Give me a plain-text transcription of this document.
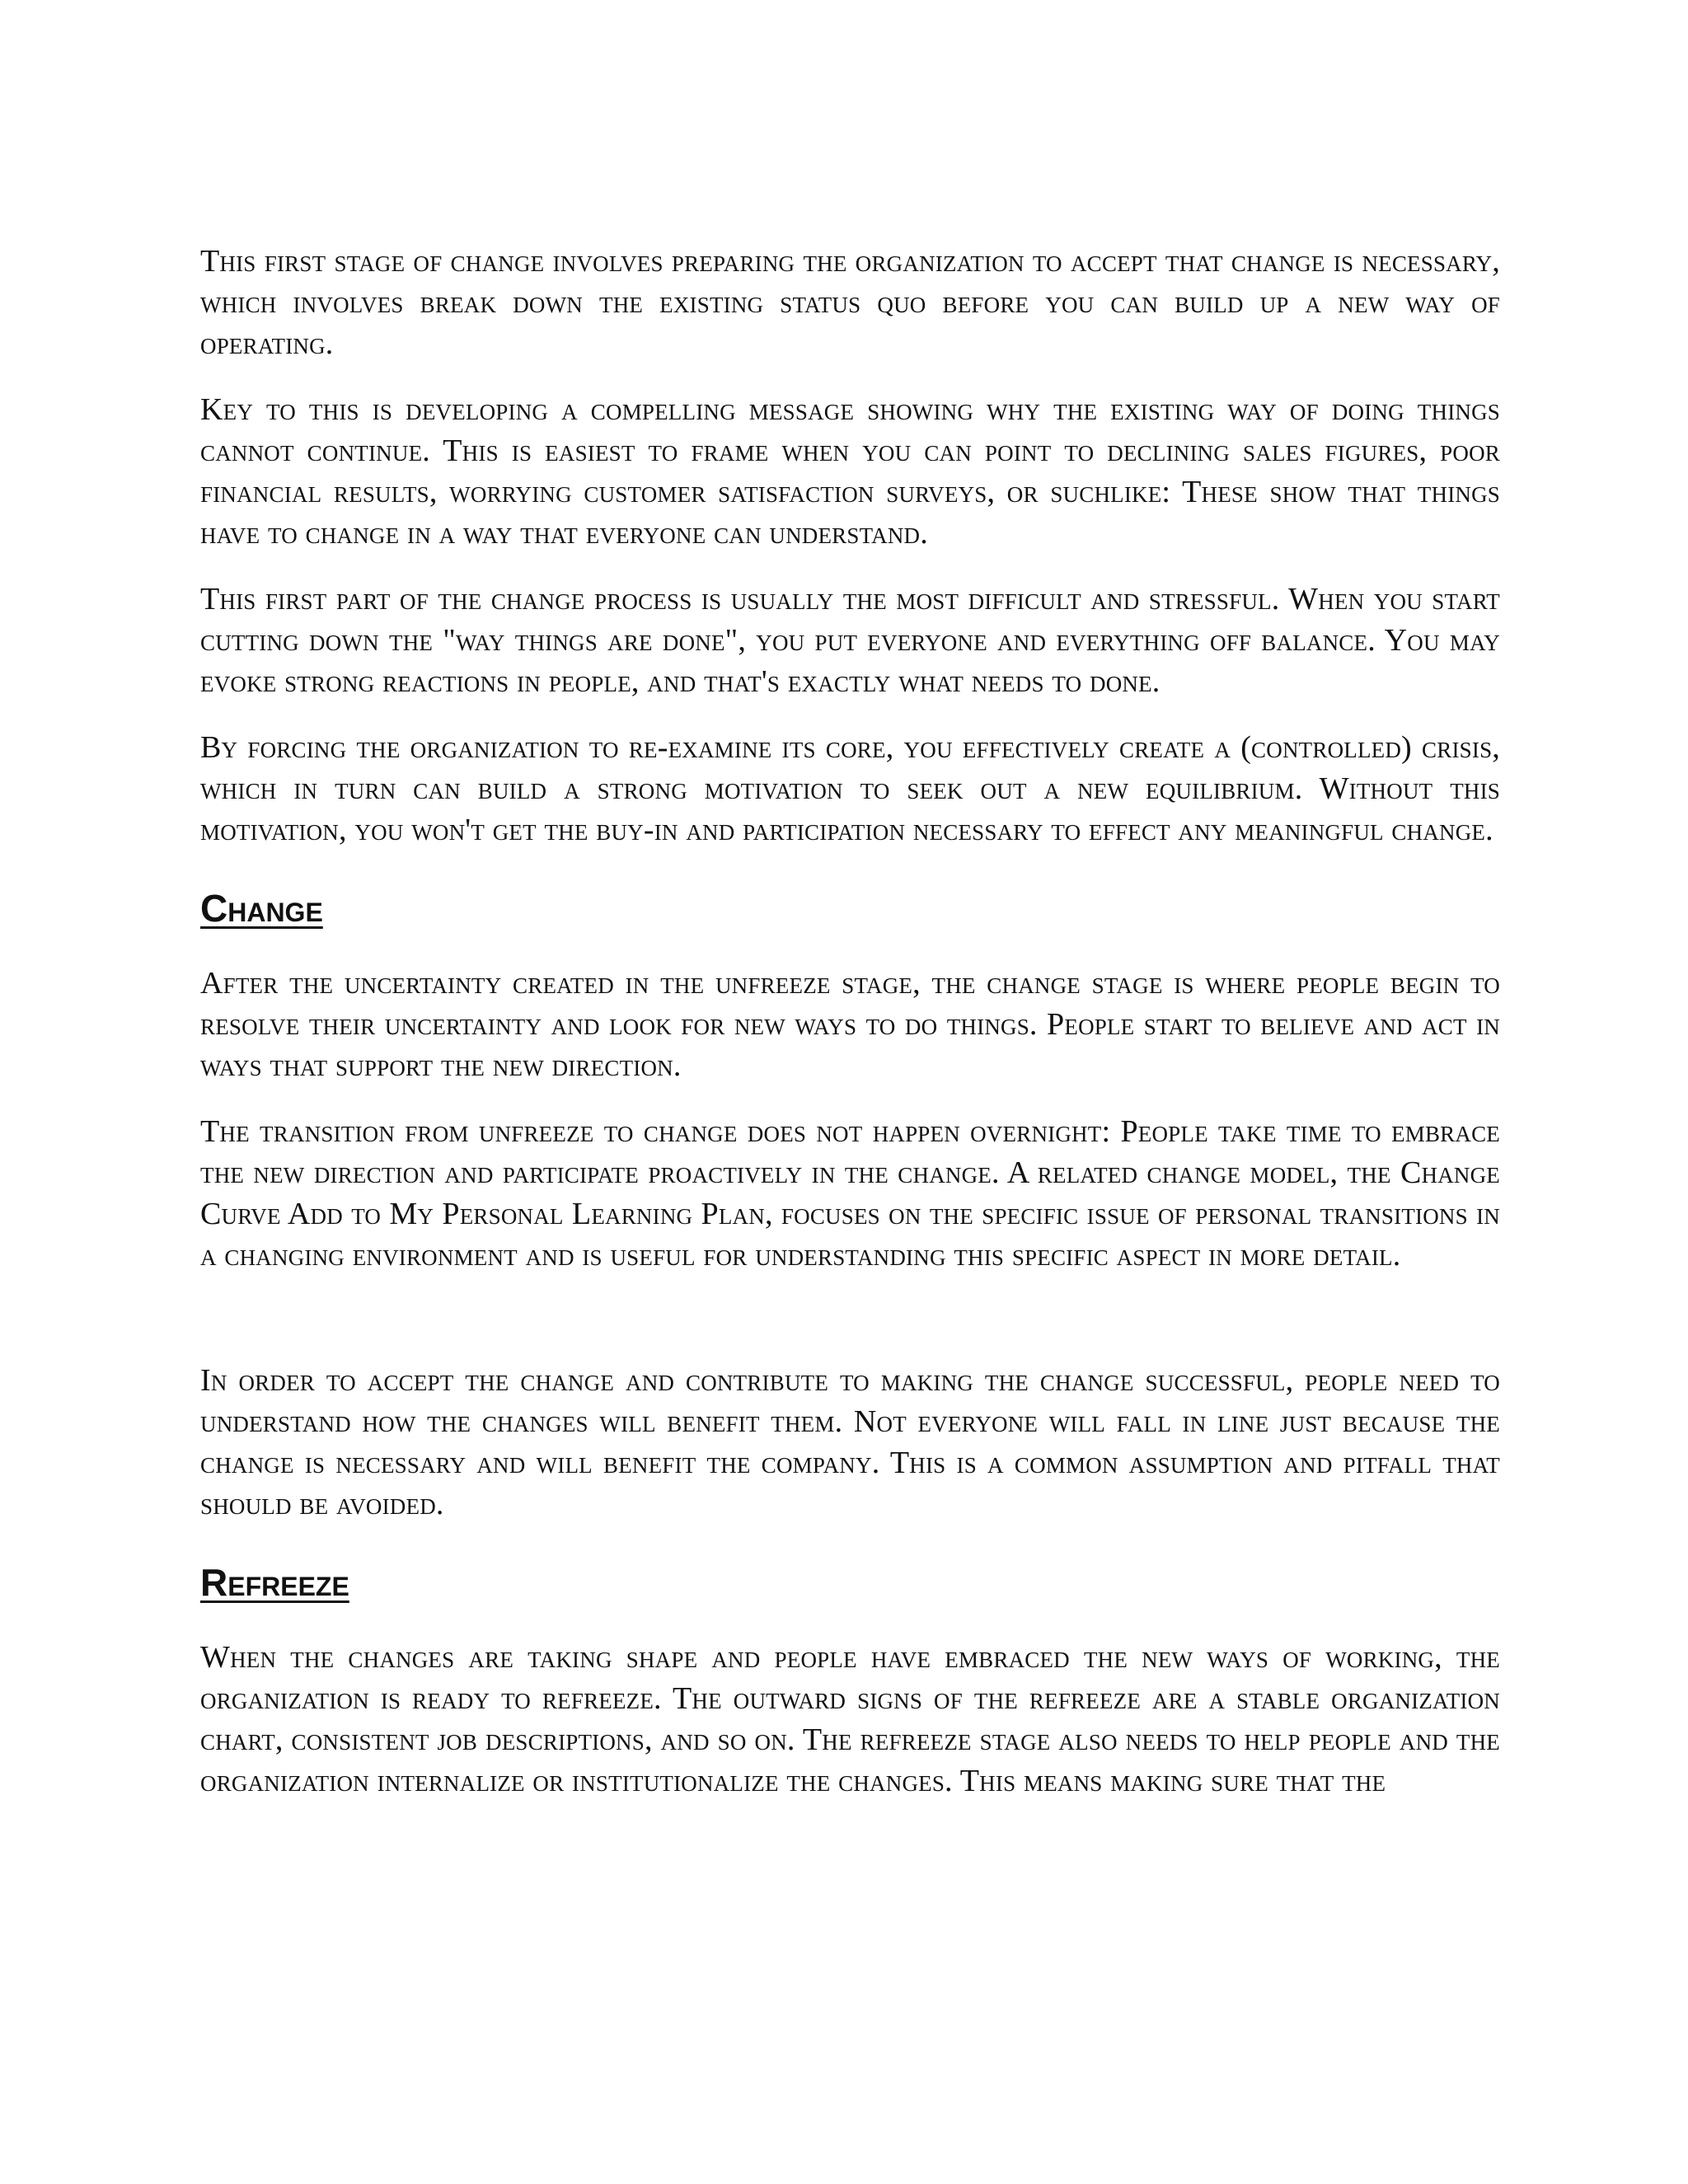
This first stage of change involves preparing the organization to accept that change is necessary, which involves break down the existing status quo before you can build up a new way of operating.

Key to this is developing a compelling message showing why the existing way of doing things cannot continue. This is easiest to frame when you can point to declining sales figures, poor financial results, worrying customer satisfaction surveys, or suchlike: These show that things have to change in a way that everyone can understand.

This first part of the change process is usually the most difficult and stressful. When you start cutting down the "way things are done", you put everyone and everything off balance. You may evoke strong reactions in people, and that's exactly what needs to done.

By forcing the organization to re-examine its core, you effectively create a (controlled) crisis, which in turn can build a strong motivation to seek out a new equilibrium. Without this motivation, you won't get the buy-in and participation necessary to effect any meaningful change.

Change

After the uncertainty created in the unfreeze stage, the change stage is where people begin to resolve their uncertainty and look for new ways to do things. People start to believe and act in ways that support the new direction.

The transition from unfreeze to change does not happen overnight: People take time to embrace the new direction and participate proactively in the change. A related change model, the Change Curve Add to My Personal Learning Plan, focuses on the specific issue of personal transitions in a changing environment and is useful for understanding this specific aspect in more detail.

In order to accept the change and contribute to making the change successful, people need to understand how the changes will benefit them. Not everyone will fall in line just because the change is necessary and will benefit the company. This is a common assumption and pitfall that should be avoided.

Refreeze

When the changes are taking shape and people have embraced the new ways of working, the organization is ready to refreeze. The outward signs of the refreeze are a stable organization chart, consistent job descriptions, and so on. The refreeze stage also needs to help people and the organization internalize or institutionalize the changes. This means making sure that the
